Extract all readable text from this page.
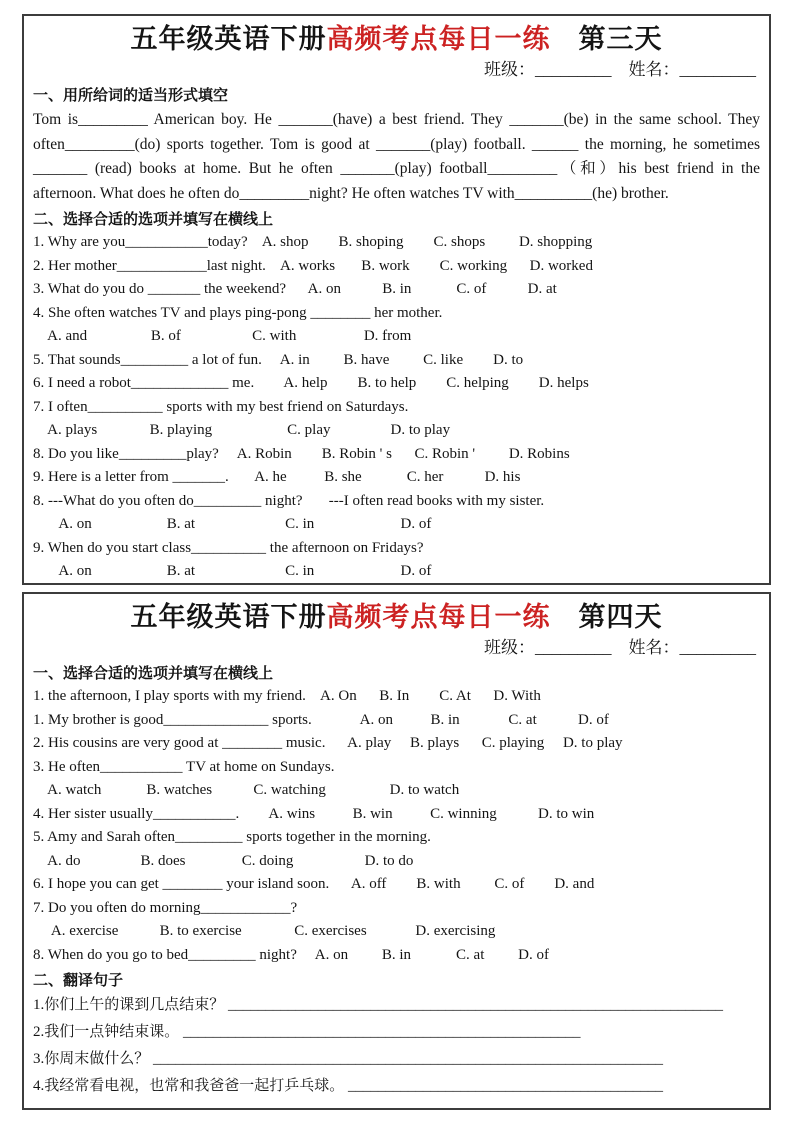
五年级英语下册高频考点每日一练　第三天
班级：_________　 姓名：_________
一、用所给词的适当形式填空

Tom is_________ American boy. He _______(have) a best friend. They _______(be) in the same school. They often_________(do) sports together. Tom is good at _______(play) football. ______ the morning, he sometimes _______ (read) books at home. But he often _______(play) football_________（和）his best friend in the afternoon. What does he often do_________night? He often watches TV with__________(he) brother.

二、选择合适的选项并填写在横线上
1. Why are you___________today?    A. shop        B. shoping        C. shops         D. shopping
2. Her mother____________last night.    A. works       B. work        C. working      D. worked
3. What do you do _______ the weekend?      A. on           B. in            C. of           D. at
4. She often watches TV and plays ping-pong ________ her mother.
A. and                 B. of                   C. with                  D. from
5. That sounds_________ a lot of fun.     A. in         B. have         C. like        D. to
6. I need a robot_____________ me.        A. help        B. to help        C. helping        D. helps
7. I often__________ sports with my best friend on Saturdays.
A. plays              B. playing                    C. play                D. to play
8. Do you like_________play?     A. Robin        B. Robin ' s      C. Robin '         D. Robins
9. Here is a letter from _______.       A. he          B. she            C. her           D. his
8. ---What do you often do_________ night?       ---I often read books with my sister.
A. on                    B. at                        C. in                       D. of
9. When do you start class__________ the afternoon on Fridays?
A. on                    B. at                        C. in                       D. of
五年级英语下册高频考点每日一练　第四天
班级：_________　 姓名：_________
一、选择合适的选项并填写在横线上
1. the afternoon, I play sports with my friend.    A. On      B. In        C. At      D. With
1. My brother is good______________ sports.             A. on          B. in             C. at           D. of
2. His cousins are very good at ________ music.      A. play     B. plays      C. playing     D. to play
3. He often___________ TV at home on Sundays.
A. watch            B. watches           C. watching                 D. to watch
4. Her sister usually___________.        A. wins          B. win          C. winning           D. to win
5. Amy and Sarah often_________ sports together in the morning.
A. do                B. does               C. doing                   D. to do
6. I hope you can get ________ your island soon.      A. off        B. with         C. of        D. and
7. Do you often do morning____________?
A. exercise           B. to exercise              C. exercises             D. exercising
8. When do you go to bed_________ night?     A. on         B. in            C. at         D. of
二、翻译句子
1.你们上午的课到几点结束？ __________________________________________________________________
2.我们一点钟结束课。 _____________________________________________________
3.你周末做什么？ ____________________________________________________________________
4.我经常看电视，也常和我爸爸一起打乒乓球。 __________________________________________
